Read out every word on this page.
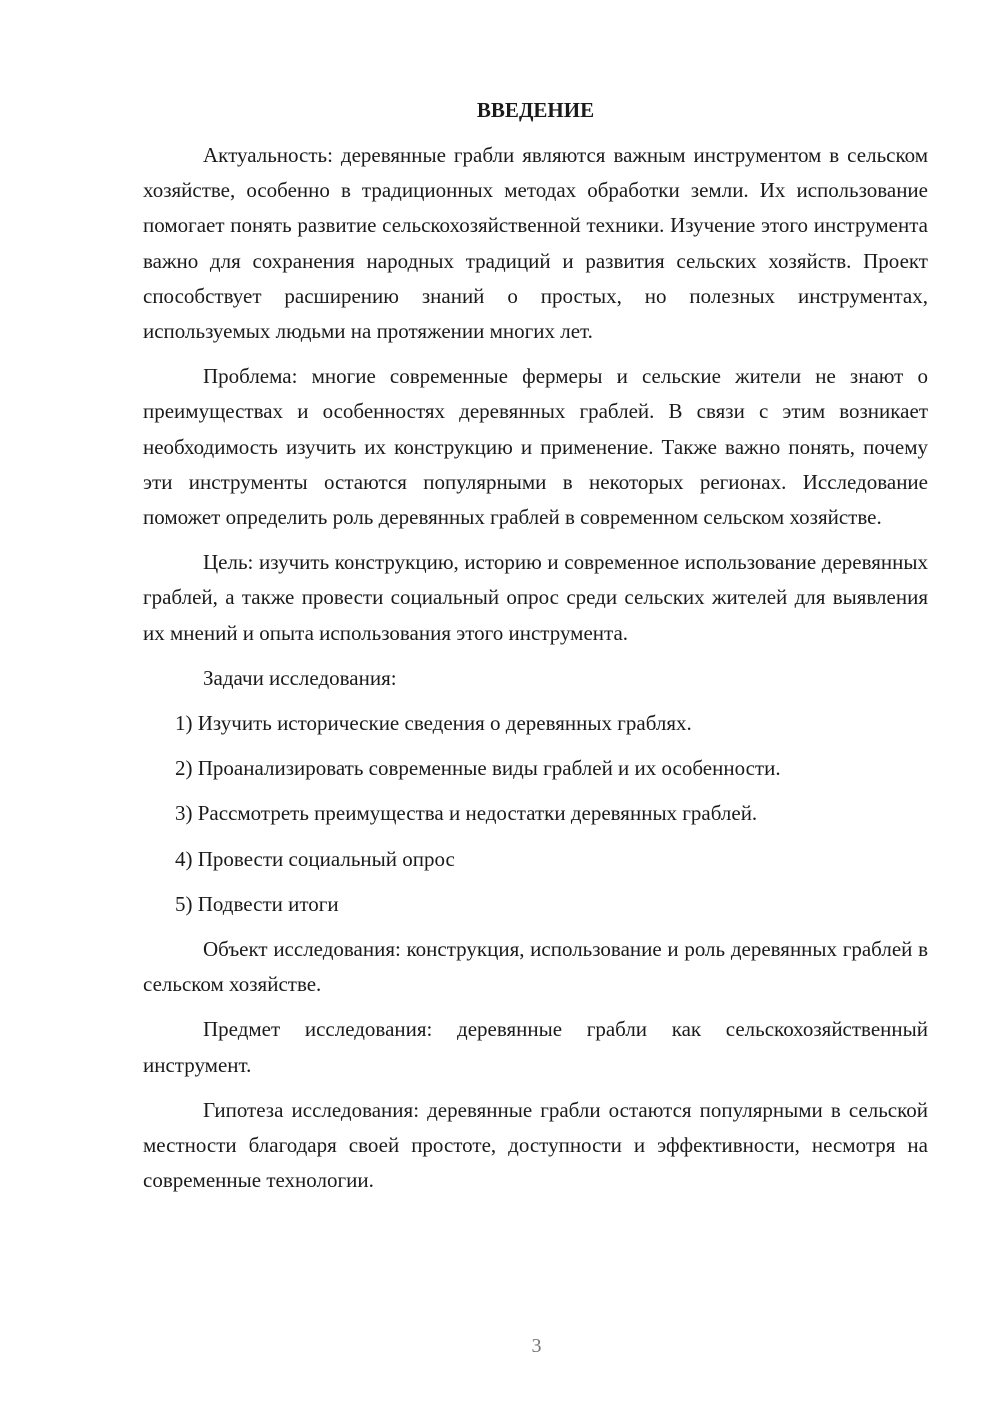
ВВЕДЕНИЕ

Актуальность: деревянные грабли являются важным инструментом в сельском хозяйстве, особенно в традиционных методах обработки земли. Их использование помогает понять развитие сельскохозяйственной техники. Изучение этого инструмента важно для сохранения народных традиций и развития сельских хозяйств. Проект способствует расширению знаний о простых, но полезных инструментах, используемых людьми на протяжении многих лет.

Проблема: многие современные фермеры и сельские жители не знают о преимуществах и особенностях деревянных граблей. В связи с этим возникает необходимость изучить их конструкцию и применение. Также важно понять, почему эти инструменты остаются популярными в некоторых регионах. Исследование поможет определить роль деревянных граблей в современном сельском хозяйстве.

Цель: изучить конструкцию, историю и современное использование деревянных граблей, а также провести социальный опрос среди сельских жителей для выявления их мнений и опыта использования этого инструмента.

Задачи исследования:
1) Изучить исторические сведения о деревянных граблях.
2) Проанализировать современные виды граблей и их особенности.
3) Рассмотреть преимущества и недостатки деревянных граблей.
4) Провести социальный опрос
5) Подвести итоги

Объект исследования: конструкция, использование и роль деревянных граблей в сельском хозяйстве.

Предмет исследования: деревянные грабли как сельскохозяйственный инструмент.

Гипотеза исследования: деревянные грабли остаются популярными в сельской местности благодаря своей простоте, доступности и эффективности, несмотря на современные технологии.

3
